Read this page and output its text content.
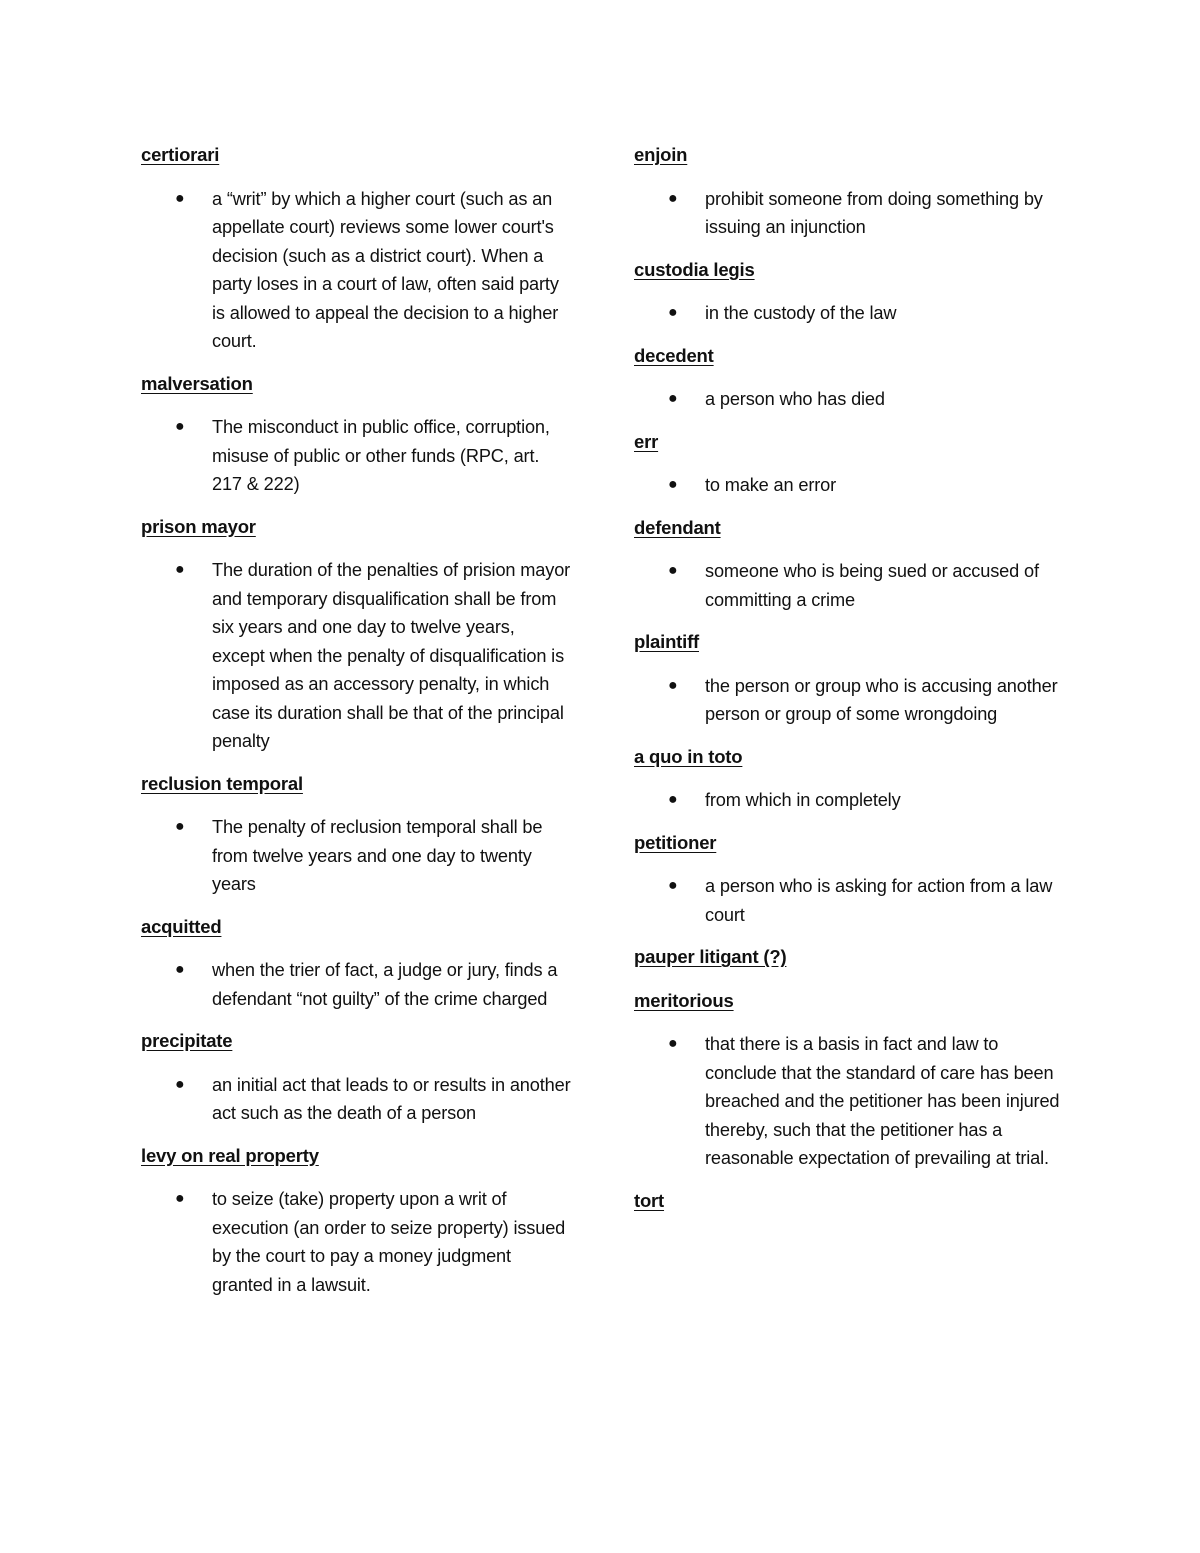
certiorari
● a “writ” by which a higher court (such as an appellate court) reviews some lower court's decision (such as a district court). When a party loses in a court of law, often said party is allowed to appeal the decision to a higher court.
malversation
● The misconduct in public office, corruption, misuse of public or other funds (RPC, art. 217 & 222)
prison mayor
● The duration of the penalties of prision mayor and temporary disqualification shall be from six years and one day to twelve years, except when the penalty of disqualification is imposed as an accessory penalty, in which case its duration shall be that of the principal penalty
reclusion temporal
● The penalty of reclusion temporal shall be from twelve years and one day to twenty years
acquitted
● when the trier of fact, a judge or jury, finds a defendant “not guilty” of the crime charged
precipitate
● an initial act that leads to or results in another act such as the death of a person
levy on real property
● to seize (take) property upon a writ of execution (an order to seize property) issued by the court to pay a money judgment granted in a lawsuit.
enjoin
● prohibit someone from doing something by issuing an injunction
custodia legis
● in the custody of the law
decedent
● a person who has died
err
● to make an error
defendant
● someone who is being sued or accused of committing a crime
plaintiff
● the person or group who is accusing another person or group of some wrongdoing
a quo in toto
● from which in completely
petitioner
● a person who is asking for action from a law court
pauper litigant (?)
meritorious
● that there is a basis in fact and law to conclude that the standard of care has been breached and the petitioner has been injured thereby, such that the petitioner has a reasonable expectation of prevailing at trial.
tort
